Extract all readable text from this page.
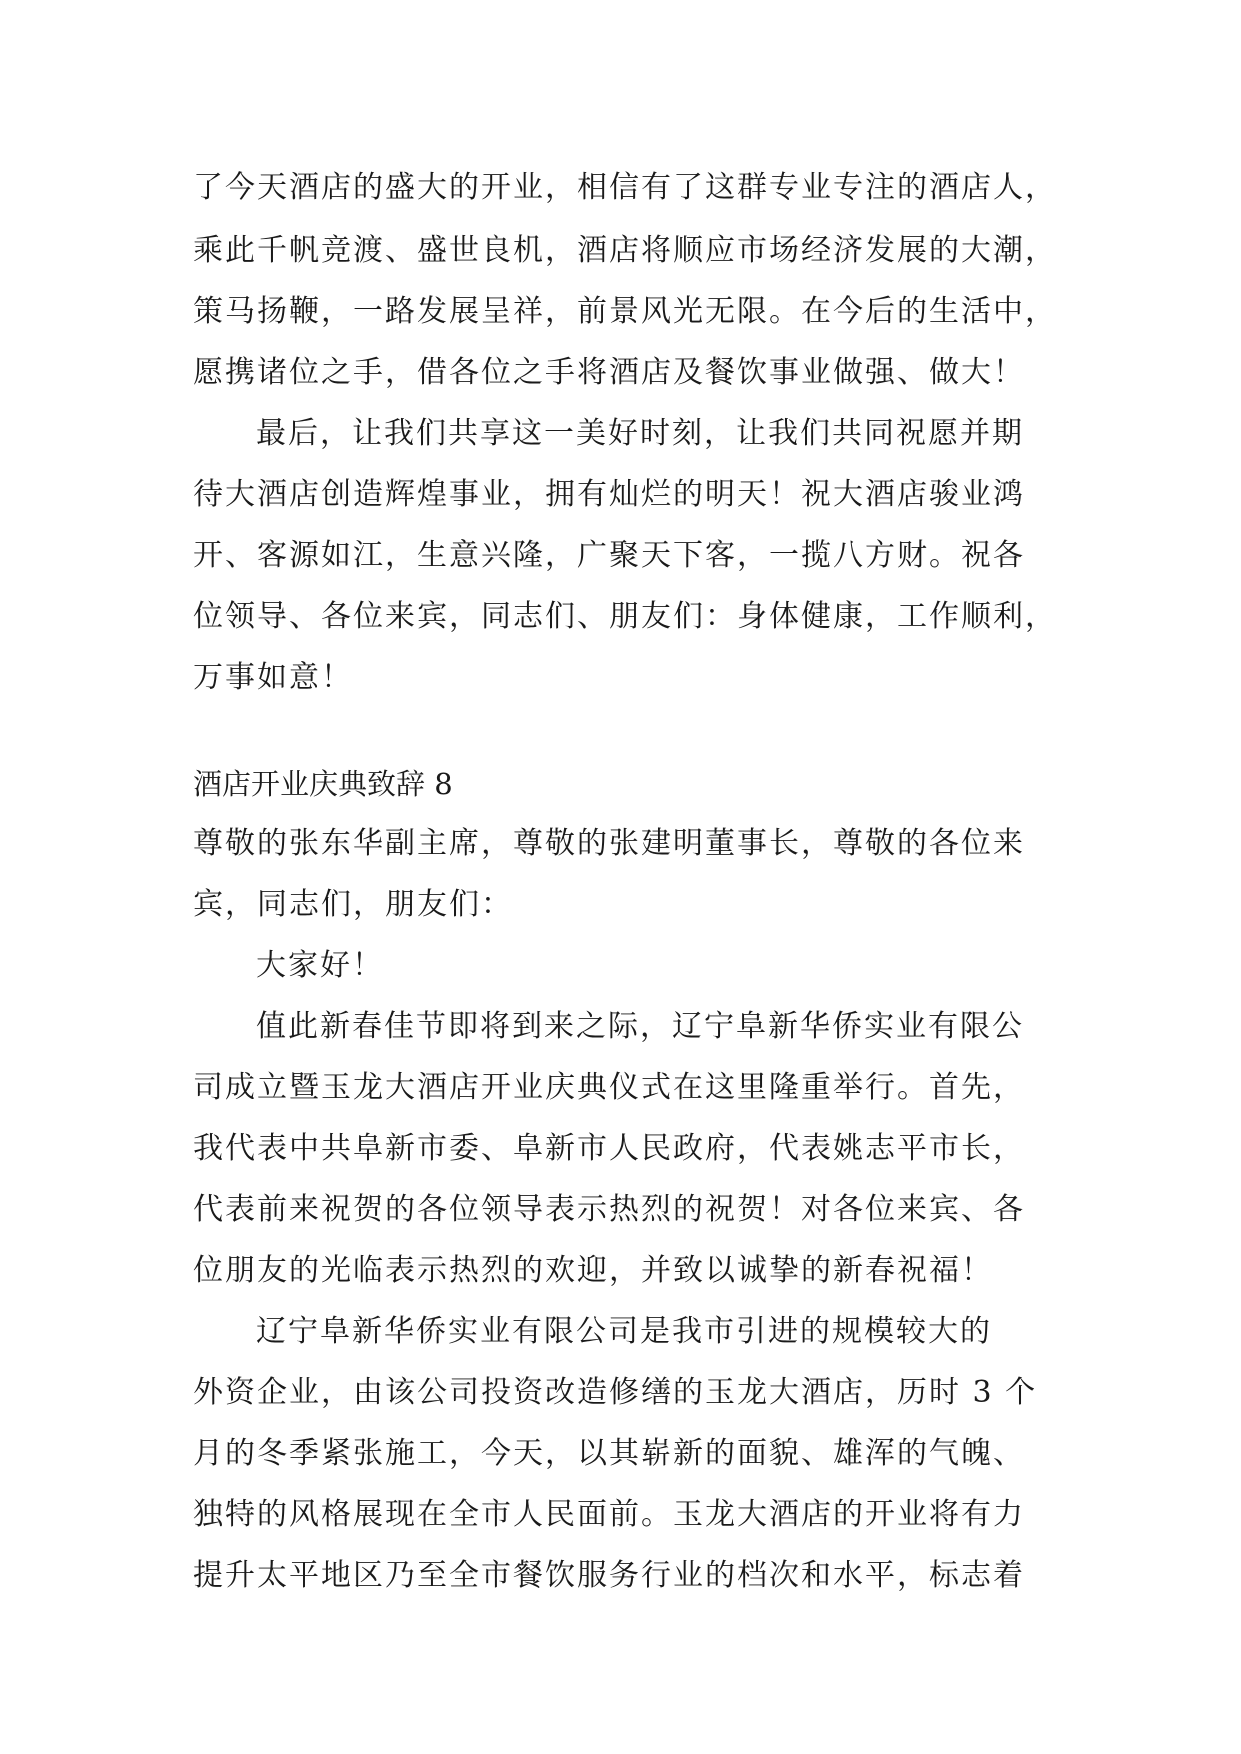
了今天酒店的盛大的开业，相信有了这群专业专注的酒店人，
乘此千帆竞渡、盛世良机，酒店将顺应市场经济发展的大潮，
策马扬鞭，一路发展呈祥，前景风光无限。在今后的生活中，
愿携诸位之手，借各位之手将酒店及餐饮事业做强、做大！
最后，让我们共享这一美好时刻，让我们共同祝愿并期
待大酒店创造辉煌事业，拥有灿烂的明天！祝大酒店骏业鸿
开、客源如江，生意兴隆，广聚天下客，一揽八方财。祝各
位领导、各位来宾，同志们、朋友们：身体健康，工作顺利，
万事如意！
酒店开业庆典致辞 8
尊敬的张东华副主席，尊敬的张建明董事长，尊敬的各位来
宾，同志们，朋友们：
大家好！
值此新春佳节即将到来之际，辽宁阜新华侨实业有限公
司成立暨玉龙大酒店开业庆典仪式在这里隆重举行。首先，
我代表中共阜新市委、阜新市人民政府，代表姚志平市长，
代表前来祝贺的各位领导表示热烈的祝贺！对各位来宾、各
位朋友的光临表示热烈的欢迎，并致以诚挚的新春祝福！
辽宁阜新华侨实业有限公司是我市引进的规模较大的
外资企业，由该公司投资改造修缮的玉龙大酒店，历时 3 个
月的冬季紧张施工，今天，以其崭新的面貌、雄浑的气魄、
独特的风格展现在全市人民面前。玉龙大酒店的开业将有力
提升太平地区乃至全市餐饮服务行业的档次和水平，标志着
